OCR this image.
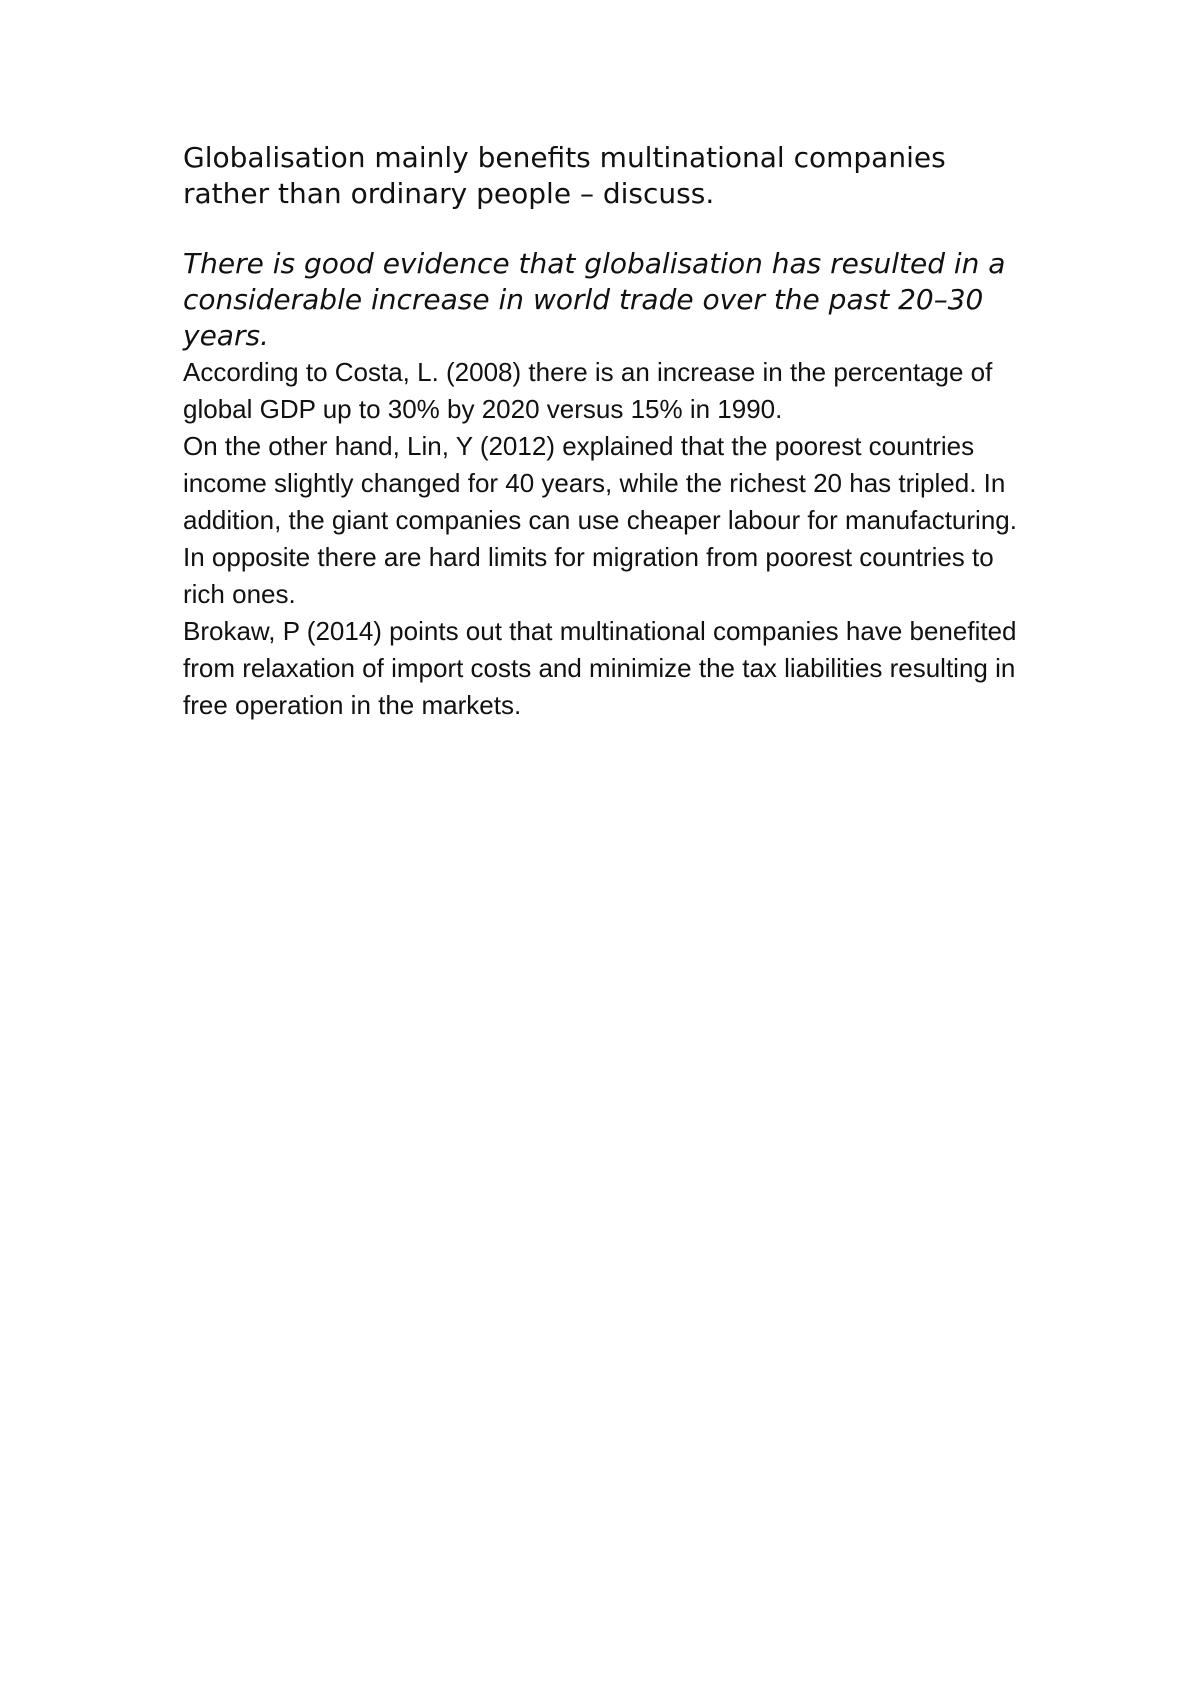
Globalisation mainly benefits multinational companies rather than ordinary people – discuss.

There is good evidence that globalisation has resulted in a considerable increase in world trade over the past 20–30 years.

According to Costa, L. (2008) there is an increase in the percentage of global GDP up to 30% by 2020 versus 15% in 1990.

On the other hand, Lin, Y (2012) explained that the poorest countries income slightly changed for 40 years, while the richest 20 has tripled. In addition, the giant companies can use cheaper labour for manufacturing. In opposite there are hard limits for migration from poorest countries to rich ones.

Brokaw, P (2014) points out that multinational companies have benefited from relaxation of import costs and minimize the tax liabilities resulting in free operation in the markets.
